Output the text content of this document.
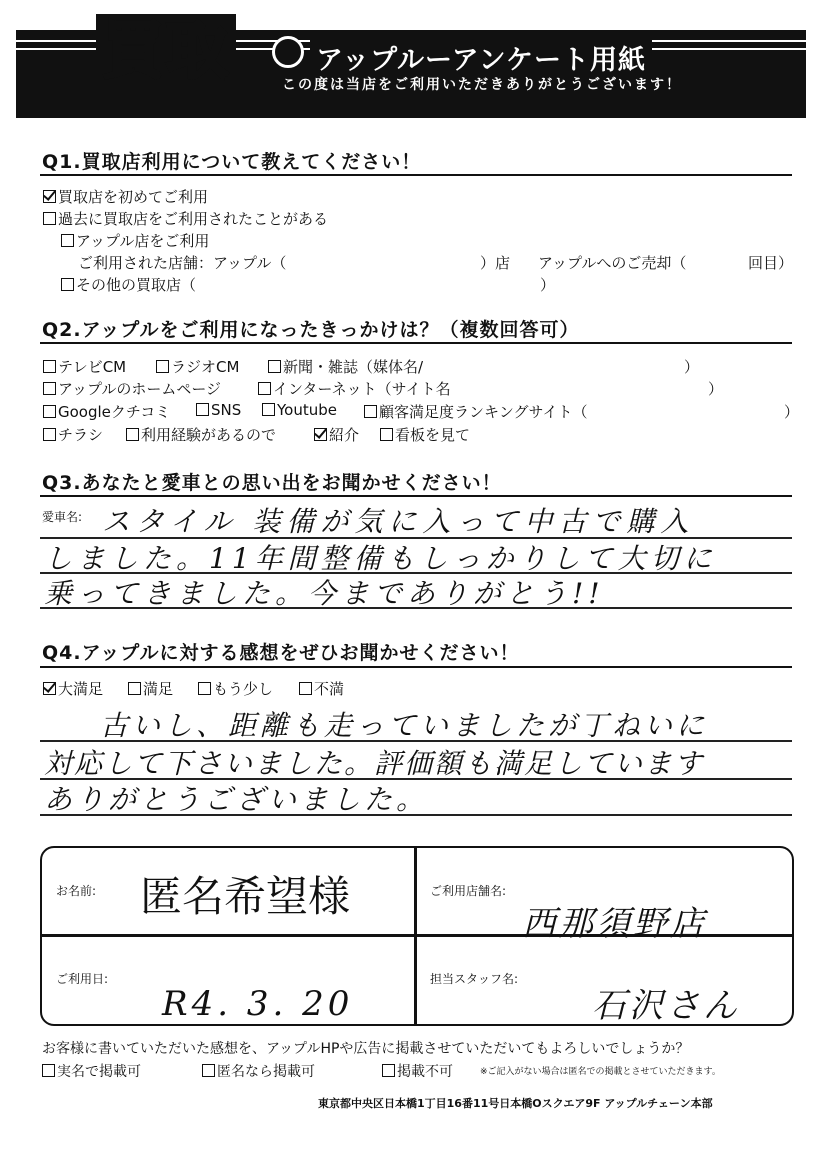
買取	アップルーアンケート用紙
この度は当店をご利用いただきありがとうございます！
Q1.買取店利用について教えてください！
買取店を初めてご利用
過去に買取店をご利用されたことがある
アップル店をご利用
ご利用された店舗：アップル（	）店 アップルへのご売却（	回目）
その他の買取店（	）
Q2.アップルをご利用になったきっかけは？（複数回答可）
テレビCM	ラジオCM	新聞・雑誌（媒体名/	）
アップルのホームページ	インターネット（サイト名	）
Googleクチコミ	SNS	Youtube	顧客満足度ランキングサイト（	）
チラシ	利用経験があるので	紹介	看板を見て
Q3.あなたと愛車との思い出をお聞かせください！
愛車名: スタイル 装備が気に入って中古で購入
しました。11年間整備もしっかりして大切に
乗ってきました。今までありがとう!!
Q4.アップルに対する感想をぜひお聞かせください！
大満足	満足	もう少し	不満
古いし、距離も走っていましたが丁ねいに
対応して下さいました。評価額も満足しています
ありがとうございました。
お名前: 匿名希望様	ご利用店舗名:
西那須野店
ご利用日:
R4. 3. 20
担当スタッフ名:
石沢さん
お客様に書いていただいた感想を、アップルHPや広告に掲載させていただいてもよろしいでしょうか？
実名で掲載可	匿名なら掲載可	掲載不可	※ご記入がない場合は匿名での掲載とさせていただきます。
東京都中央区日本橋1丁目16番11号日本橋Oスクエア9F アップルチェーン本部
